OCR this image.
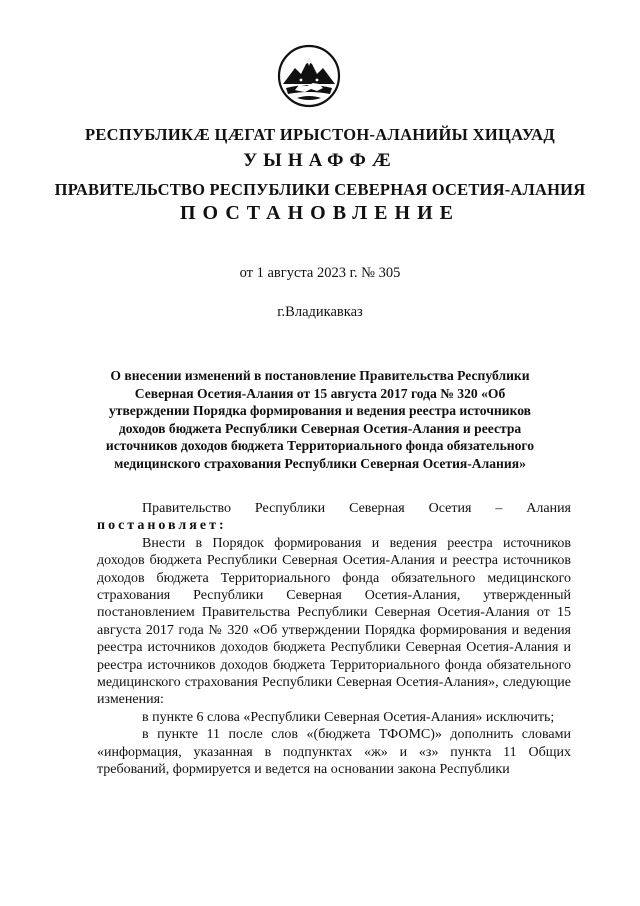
РЕСПУБЛИКÆ ЦÆГАТ ИРЫСТОН-АЛАНИЙЫ ХИЦАУАД
УЫНАФФÆ
ПРАВИТЕЛЬСТВО РЕСПУБЛИКИ СЕВЕРНАЯ ОСЕТИЯ-АЛАНИЯ
ПОСТАНОВЛЕНИЕ
от 1 августа 2023 г. № 305
г.Владикавказ
О внесении изменений в постановление Правительства Республики Северная Осетия-Алания от 15 августа 2017 года № 320 «Об утверждении Порядка формирования и ведения реестра источников доходов бюджета Республики Северная Осетия-Алания и реестра источников доходов бюджета Территориального фонда обязательного медицинского страхования Республики Северная Осетия-Алания»

Правительство Республики Северная Осетия – Алания постановляет:

Внести в Порядок формирования и ведения реестра источников доходов бюджета Республики Северная Осетия-Алания и реестра источников доходов бюджета Территориального фонда обязательного медицинского страхования Республики Северная Осетия-Алания, утвержденный постановлением Правительства Республики Северная Осетия-Алания от 15 августа 2017 года № 320 «Об утверждении Порядка формирования и ведения реестра источников доходов бюджета Республики Северная Осетия-Алания и реестра источников доходов бюджета Территориального фонда обязательного медицинского страхования Республики Северная Осетия-Алания», следующие изменения:

в пункте 6 слова «Республики Северная Осетия-Алания» исключить;

в пункте 11 после слов «(бюджета ТФОМС)» дополнить словами «информация, указанная в подпунктах «ж» и «з» пункта 11 Общих требований, формируется и ведется на основании закона Республики
